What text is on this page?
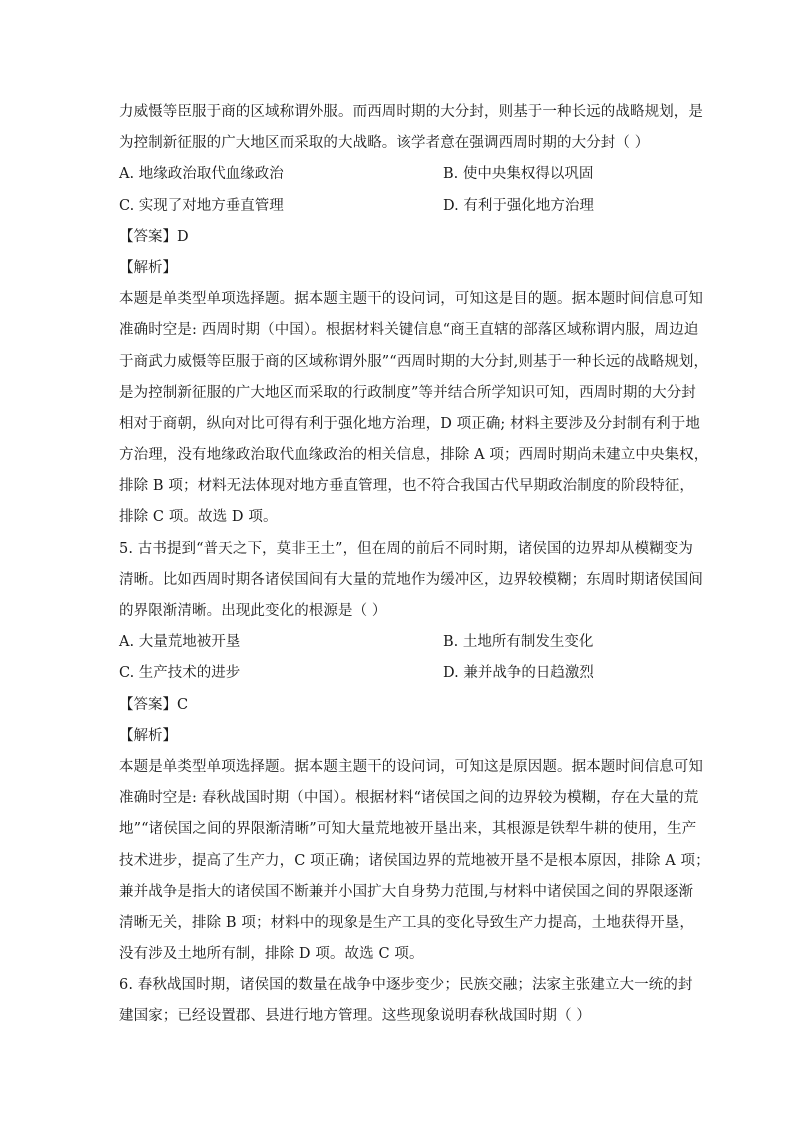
力威慑等臣服于商的区域称谓外服。而西周时期的大分封，则基于一种长远的战略规划，是
为控制新征服的广大地区而采取的大战略。该学者意在强调西周时期的大分封（ ）
A. 地缘政治取代血缘政治	B. 使中央集权得以巩固
C. 实现了对地方垂直管理	D. 有利于强化地方治理
【答案】D
【解析】
本题是单类型单项选择题。据本题主题干的设问词，可知这是目的题。据本题时间信息可知
准确时空是: 西周时期（中国）。根据材料关键信息“商王直辖的部落区域称谓内服，周边迫
于商武力威慑等臣服于商的区域称谓外服”“西周时期的大分封,则基于一种长远的战略规划，
是为控制新征服的广大地区而采取的行政制度”等并结合所学知识可知，西周时期的大分封
相对于商朝，纵向对比可得有利于强化地方治理，D 项正确; 材料主要涉及分封制有利于地
方治理，没有地缘政治取代血缘政治的相关信息，排除 A 项；西周时期尚未建立中央集权，
排除 B 项；材料无法体现对地方垂直管理，也不符合我国古代早期政治制度的阶段特征，
排除 C 项。故选 D 项。
5. 古书提到“普天之下，莫非王土”，但在周的前后不同时期，诸侯国的边界却从模糊变为
清晰。比如西周时期各诸侯国间有大量的荒地作为缓冲区，边界较模糊；东周时期诸侯国间
的界限渐清晰。出现此变化的根源是（ ）
A. 大量荒地被开垦	B. 土地所有制发生变化
C. 生产技术的进步	D. 兼并战争的日趋激烈
【答案】C
【解析】
本题是单类型单项选择题。据本题主题干的设问词，可知这是原因题。据本题时间信息可知
准确时空是: 春秋战国时期（中国）。根据材料“诸侯国之间的边界较为模糊，存在大量的荒
地”“诸侯国之间的界限渐清晰”可知大量荒地被开垦出来，其根源是铁犁牛耕的使用，生产
技术进步，提高了生产力，C 项正确；诸侯国边界的荒地被开垦不是根本原因，排除 A 项；
兼并战争是指大的诸侯国不断兼并小国扩大自身势力范围,与材料中诸侯国之间的界限逐渐
清晰无关，排除 B 项；材料中的现象是生产工具的变化导致生产力提高，土地获得开垦，
没有涉及土地所有制，排除 D 项。故选 C 项。
6. 春秋战国时期，诸侯国的数量在战争中逐步变少；民族交融；法家主张建立大一统的封
建国家；已经设置郡、县进行地方管理。这些现象说明春秋战国时期（ ）
